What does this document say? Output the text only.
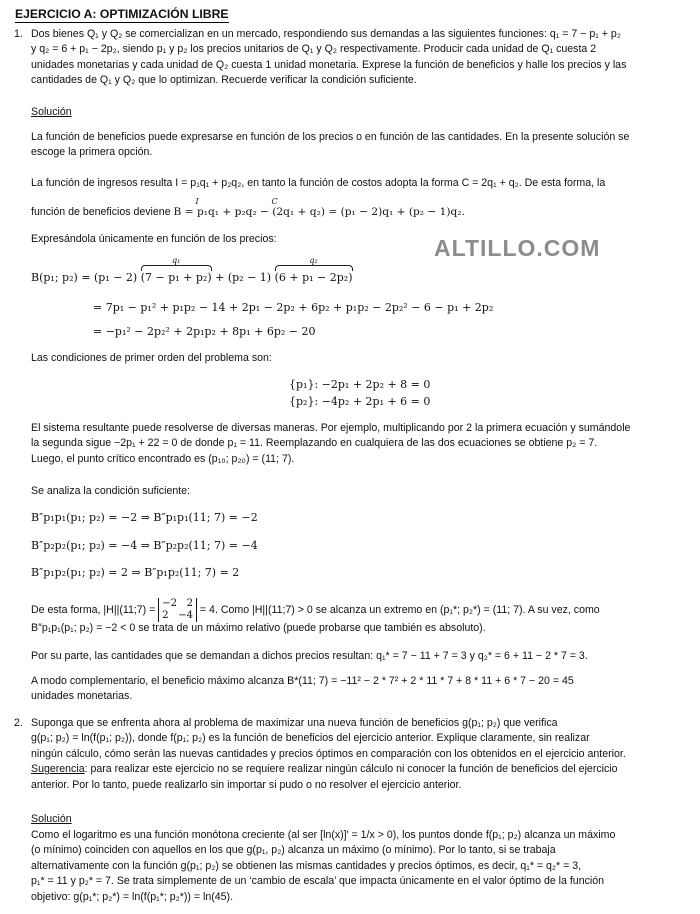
EJERCICIO A: OPTIMIZACIÓN LIBRE
ALTILLO.COM
1. Dos bienes Q₁ y Q₂ se comercializan en un mercado, respondiendo sus demandas a las siguientes funciones: q₁ = 7 − p₁ + p₂
y q₂ = 6 + p₁ − 2p₂, siendo p₁ y p₂ los precios unitarios de Q₁ y Q₂ respectivamente. Producir cada unidad de Q₁ cuesta 2
unidades monetarias y cada unidad de Q₂ cuesta 1 unidad monetaria. Exprese la función de beneficios y halle los precios y las
cantidades de Q₁ y Q₂ que lo optimizan. Recuerde verificar la condición suficiente.
Solución
La función de beneficios puede expresarse en función de los precios o en función de las cantidades. En la presente solución se
escoge la primera opción.
La función de ingresos resulta I = p₁q₁ + p₂q₂, en tanto la función de costos adopta la forma C = 2q₁ + q₂. De esta forma, la
función de beneficios deviene B = p₁q₁ + p₂q₂ − (2q₁ + q₂) = (p₁ − 2)q₁ + (p₂ − 1)q₂.
I	C
Expresándola únicamente en función de los precios:
B(p₁; p₂) = (p₁ − 2)
q₁
(7 − p₁ + p₂) + (p₂ − 1)
q₂
(6 + p₁ − 2p₂)
= 7p₁ − p₁² + p₁p₂ − 14 + 2p₁ − 2p₂ + 6p₂ + p₁p₂ − 2p₂² − 6 − p₁ + 2p₂
= −p₁² − 2p₂² + 2p₁p₂ + 8p₁ + 6p₂ − 20
Las condiciones de primer orden del problema son:
{p₁}: −2p₁ + 2p₂ + 8 = 0
{p₂}: −4p₂ + 2p₁ + 6 = 0
El sistema resultante puede resolverse de diversas maneras. Por ejemplo, multiplicando por 2 la primera ecuación y sumándole
la segunda sigue −2p₁ + 22 = 0 de donde p₁ = 11. Reemplazando en cualquiera de las dos ecuaciones se obtiene p₂ = 7.
Luego, el punto crítico encontrado es (p₁₀; p₂₀) = (11; 7).
Se analiza la condición suficiente:
B″p₁p₁(p₁; p₂) = −2 ⇒ B″p₁p₁(11; 7) = −2
B″p₂p₂(p₁; p₂) = −4 ⇒ B″p₂p₂(11; 7) = −4
B″p₁p₂(p₁; p₂) = 2 ⇒ B″p₁p₂(11; 7) = 2
De esta forma, |H||(11;7) = −2 2
2 −4 = 4. Como |H||(11;7) > 0 se alcanza un extremo en (p₁*; p₂*) = (11; 7). A su vez, como
B″p₁p₁(p₁; p₂) = −2 < 0 se trata de un máximo relativo (puede probarse que también es absoluto).
Por su parte, las cantidades que se demandan a dichos precios resultan: q₁* = 7 − 11 + 7 = 3 y q₂* = 6 + 11 − 2 * 7 = 3.
A modo complementario, el beneficio máximo alcanza B*(11; 7) = −11² − 2 * 7² + 2 * 11 * 7 + 8 * 11 + 6 * 7 − 20 = 45
unidades monetarias.
2. Suponga que se enfrenta ahora al problema de maximizar una nueva función de beneficios g(p₁; p₂) que verifica
g(p₁; p₂) = ln(f(p₁; p₂)), donde f(p₁; p₂) es la función de beneficios del ejercicio anterior. Explique claramente, sin realizar
ningún cálculo, cómo serán las nuevas cantidades y precios óptimos en comparación con los obtenidos en el ejercicio anterior.
Sugerencia: para realizar este ejercicio no se requiere realizar ningún cálculo ni conocer la función de beneficios del ejercicio
anterior. Por lo tanto, puede realizarlo sin importar si pudo o no resolver el ejercicio anterior.
Solución
Como el logaritmo es una función monótona creciente (al ser [ln(x)]′ = 1/x > 0), los puntos donde f(p₁; p₂) alcanza un máximo
(o mínimo) coinciden con aquellos en los que g(p₁, p₂) alcanza un máximo (o mínimo). Por lo tanto, si se trabaja
alternativamente con la función g(p₁; p₂) se obtienen las mismas cantidades y precios óptimos, es decir, q₁* = q₂* = 3,
p₁* = 11 y p₂* = 7. Se trata simplemente de un ‘cambio de escala’ que impacta únicamente en el valor óptimo de la función
objetivo: g(p₁*; p₂*) = ln(f(p₁*; p₂*)) = ln(45).
